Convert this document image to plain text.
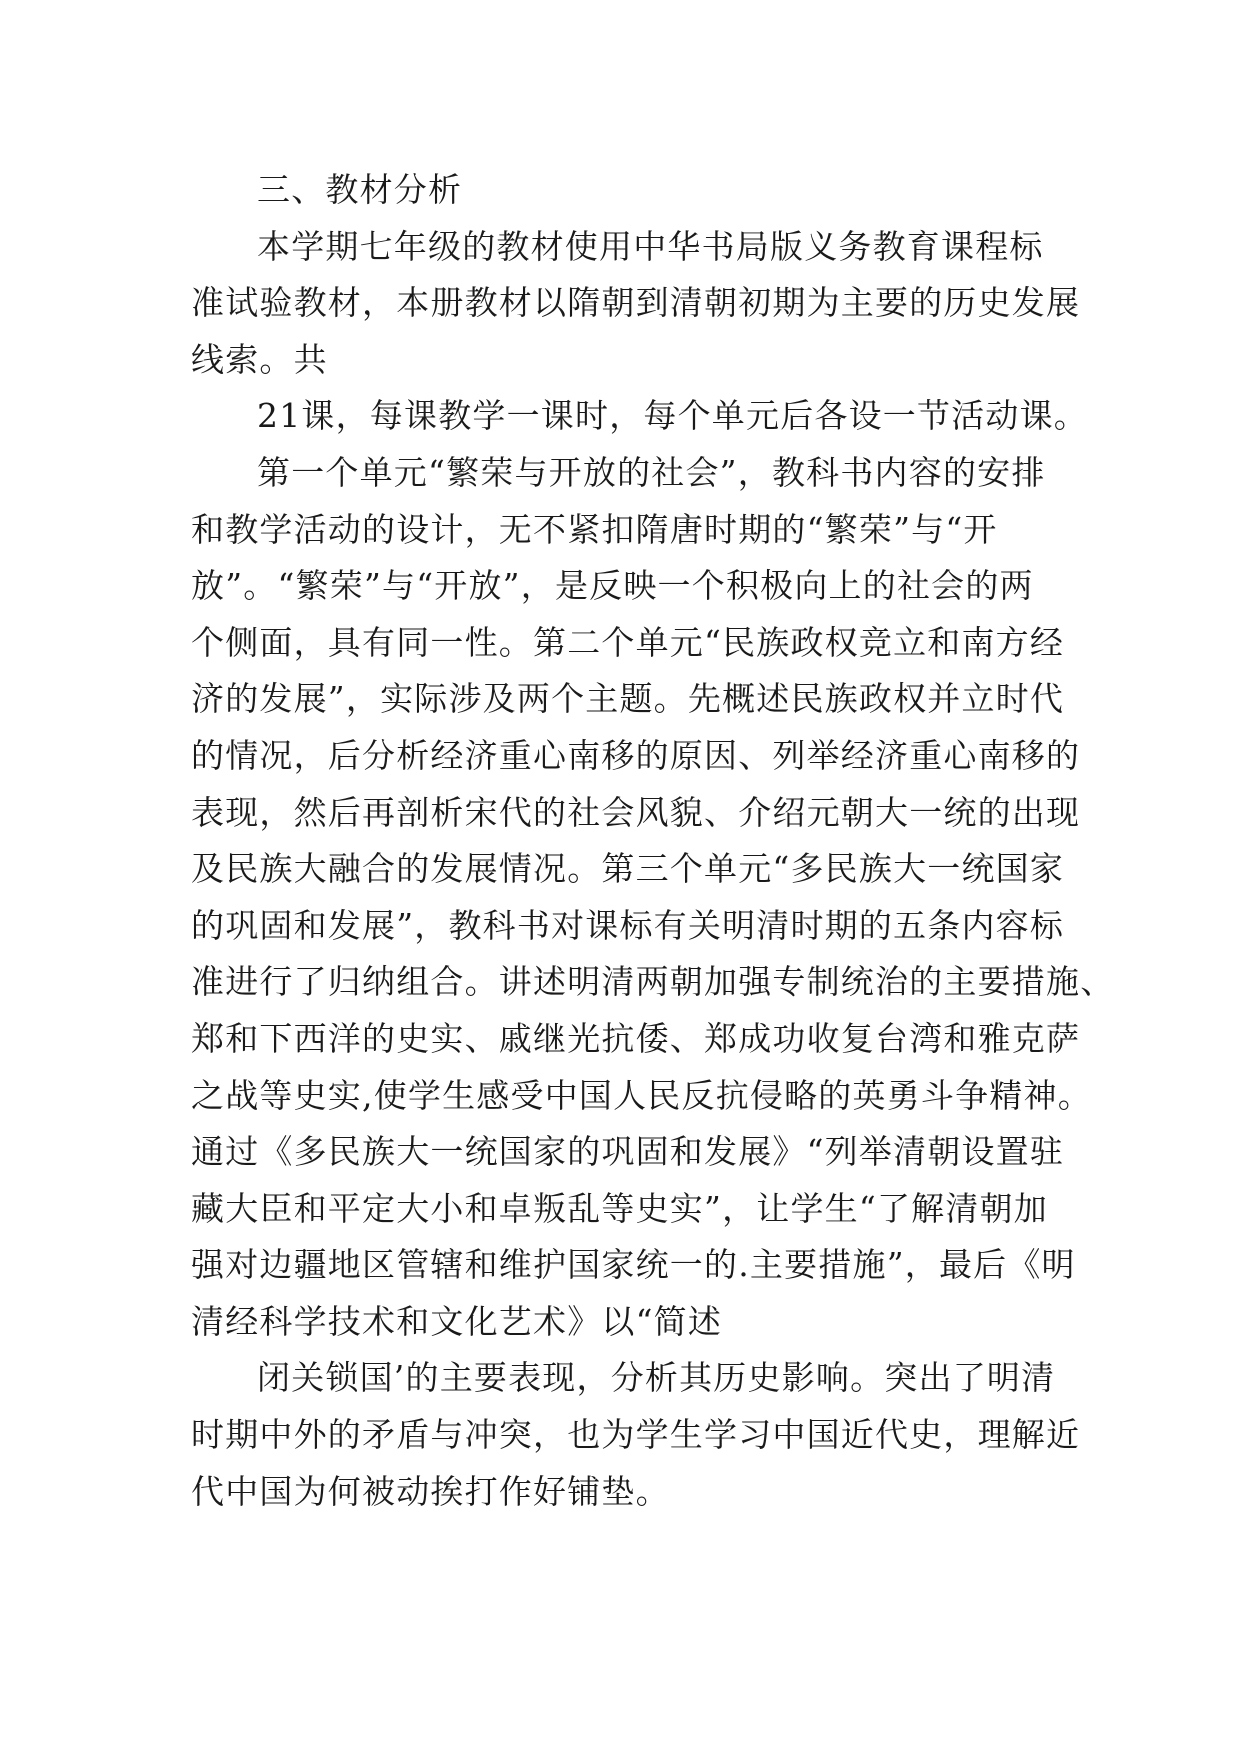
三、教材分析
本学期七年级的教材使用中华书局版义务教育课程标
准试验教材，本册教材以隋朝到清朝初期为主要的历史发展
线索。共
21课，每课教学一课时，每个单元后各设一节活动课。
第一个单元“繁荣与开放的社会”，教科书内容的安排
和教学活动的设计，无不紧扣隋唐时期的“繁荣”与“开
放”。“繁荣”与“开放”，是反映一个积极向上的社会的两
个侧面，具有同一性。第二个单元“民族政权竞立和南方经
济的发展”，实际涉及两个主题。先概述民族政权并立时代
的情况，后分析经济重心南移的原因、列举经济重心南移的
表现，然后再剖析宋代的社会风貌、介绍元朝大一统的出现
及民族大融合的发展情况。第三个单元“多民族大一统国家
的巩固和发展”，教科书对课标有关明清时期的五条内容标
准进行了归纳组合。讲述明清两朝加强专制统治的主要措施、
郑和下西洋的史实、戚继光抗倭、郑成功收复台湾和雅克萨
之战等史实,使学生感受中国人民反抗侵略的英勇斗争精神。
通过《多民族大一统国家的巩固和发展》“列举清朝设置驻
藏大臣和平定大小和卓叛乱等史实”，让学生“了解清朝加
强对边疆地区管辖和维护国家统一的.主要措施”，最后《明
清经科学技术和文化艺术》以“简述
闭关锁国’的主要表现，分析其历史影响。突出了明清
时期中外的矛盾与冲突，也为学生学习中国近代史，理解近
代中国为何被动挨打作好铺垫。
